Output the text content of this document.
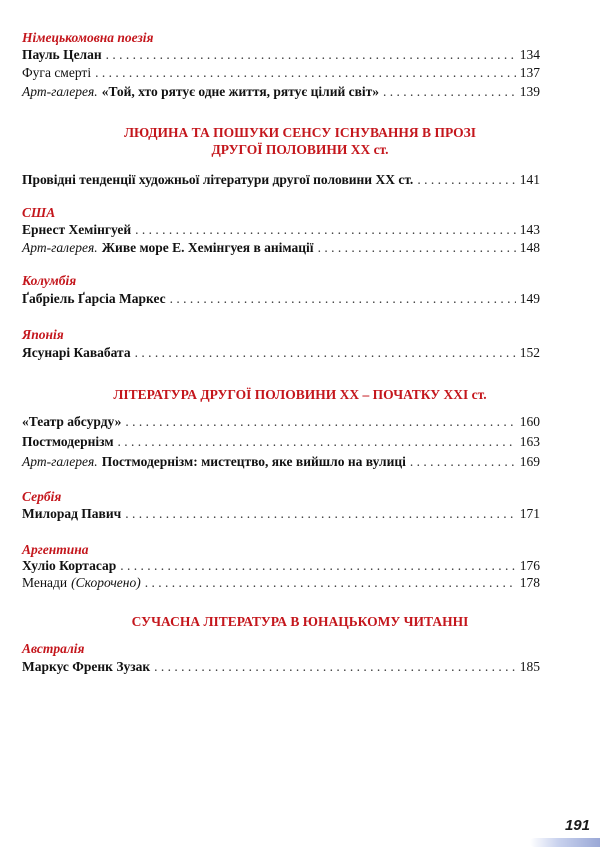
Німецькомовна поезія
Пауль Целан . . .	134
Фуга смерті . . .	137
Арт-галерея. «Той, хто рятує одне життя, рятує цілий світ» . . .	139
ЛЮДИНА ТА ПОШУКИ СЕНСУ ІСНУВАННЯ В ПРОЗІ
ДРУГОЇ ПОЛОВИНИ XX ст.
Провідні тенденції художньої літератури другої половини XX ст. . . .	141
США
Ернест Хемінгуей . . .	143
Арт-галерея. Живе море Е. Хемінгуея в анімації . . .	148
Колумбія
Ґабріель Ґарсіа Маркес . . .	149
Японія
Ясунарі Кавабата . . .	152
ЛІТЕРАТУРА ДРУГОЇ ПОЛОВИНИ XX – ПОЧАТКУ XXI ст.
«Театр абсурду» . . .	160
Постмодернізм . . .	163
Арт-галерея. Постмодернізм: мистецтво, яке вийшло на вулиці . . .	169
Сербія
Милорад Павич . . .	171
Аргентина
Хуліо Кортасар . . .	176
Менади (Скорочено) . . .	178
СУЧАСНА ЛІТЕРАТУРА В ЮНАЦЬКОМУ ЧИТАННІ
Австралія
Маркус Френк Зузак . . .	185
191
